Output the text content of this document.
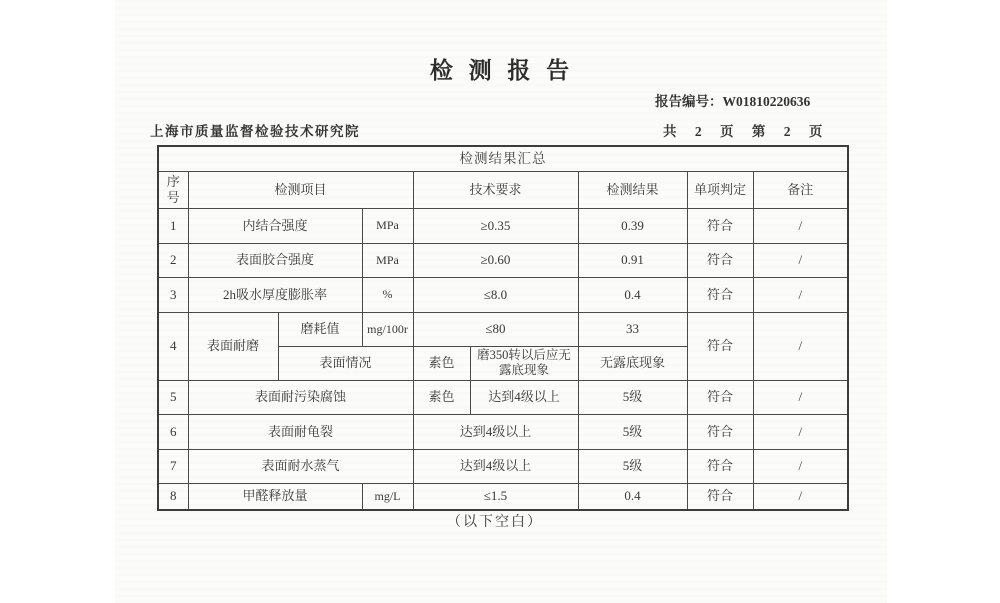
检 测 报 告
报告编号：W01810220636
上海市质量监督检验技术研究院	共 2 页 第 2 页
检测结果汇总								
序号	检测项目			技术要求		检测结果	单项判定	备注
1	内结合强度		MPa	≥0.35		0.39	符合	/
2	表面胶合强度		MPa	≥0.60		0.91	符合	/
3	2h吸水厚度膨胀率		%	≤8.0		0.4	符合	/
4	表面耐磨	磨耗值	mg/100r	≤80		33	符合	/
		表面情况		素色	磨350转以后应无露底现象	无露底现象		
5	表面耐污染腐蚀			素色	达到4级以上	5级	符合	/
6	表面耐龟裂			达到4级以上		5级	符合	/
7	表面耐水蒸气			达到4级以上		5级	符合	/
8	甲醛释放量		mg/L	≤1.5		0.4	符合	/
（以下空白）
